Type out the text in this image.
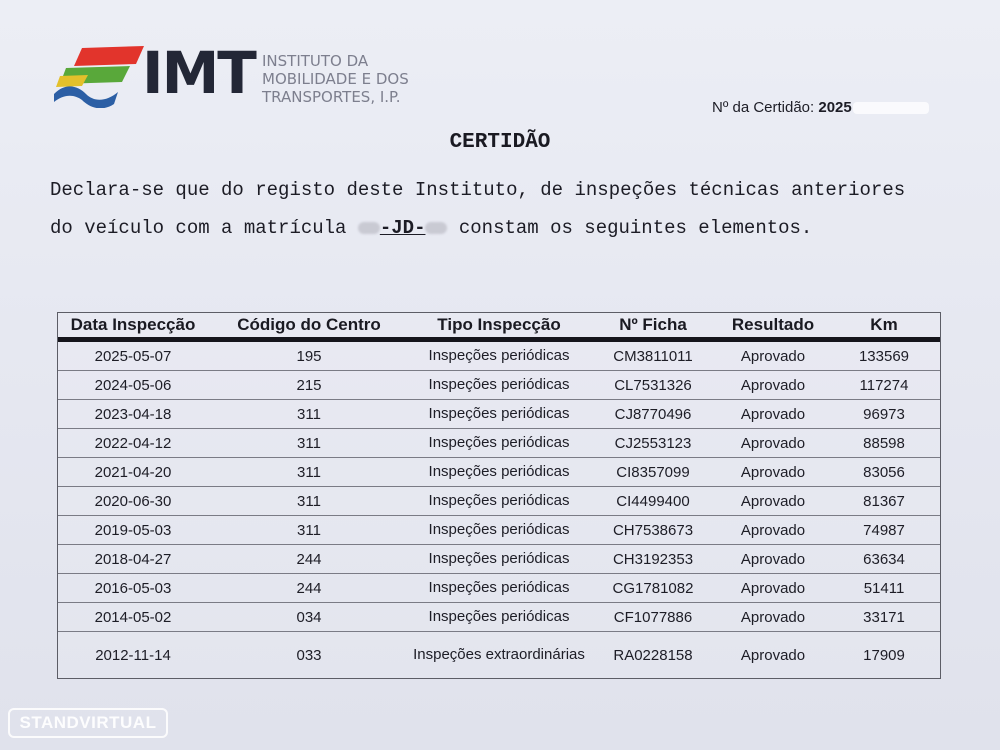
IMT INSTITUTO DA
MOBILIDADE E DOS
TRANSPORTES, I.P.
Nº da Certidão: 2025
CERTIDÃO
Declara-se que do registo deste Instituto, de inspeções técnicas anteriores
do veículo com a matrícula -JD- constam os seguintes elementos.
Data Inspecção	Código do Centro	Tipo Inspecção	Nº Ficha	Resultado	Km
2025-05-07	195	Inspeções periódicas	CM3811011	Aprovado	133569
2024-05-06	215	Inspeções periódicas	CL7531326	Aprovado	117274
2023-04-18	311	Inspeções periódicas	CJ8770496	Aprovado	96973
2022-04-12	311	Inspeções periódicas	CJ2553123	Aprovado	88598
2021-04-20	311	Inspeções periódicas	CI8357099	Aprovado	83056
2020-06-30	311	Inspeções periódicas	CI4499400	Aprovado	81367
2019-05-03	311	Inspeções periódicas	CH7538673	Aprovado	74987
2018-04-27	244	Inspeções periódicas	CH3192353	Aprovado	63634
2016-05-03	244	Inspeções periódicas	CG1781082	Aprovado	51411
2014-05-02	034	Inspeções periódicas	CF1077886	Aprovado	33171
2012-11-14	033	Inspeções extraordinárias	RA0228158	Aprovado	17909
STANDVIRTUAL
